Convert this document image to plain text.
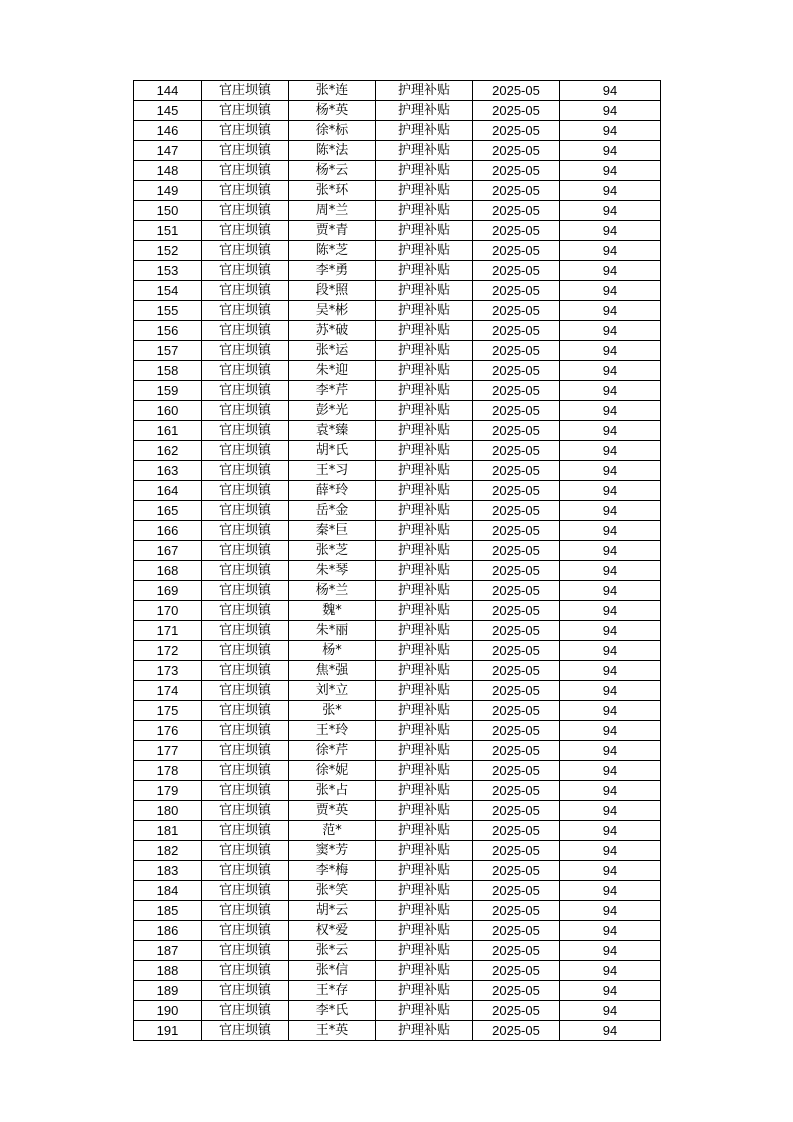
144	官庄坝镇	张*连	护理补贴	2025-05	94
145	官庄坝镇	杨*英	护理补贴	2025-05	94
146	官庄坝镇	徐*标	护理补贴	2025-05	94
147	官庄坝镇	陈*法	护理补贴	2025-05	94
148	官庄坝镇	杨*云	护理补贴	2025-05	94
149	官庄坝镇	张*环	护理补贴	2025-05	94
150	官庄坝镇	周*兰	护理补贴	2025-05	94
151	官庄坝镇	贾*青	护理补贴	2025-05	94
152	官庄坝镇	陈*芝	护理补贴	2025-05	94
153	官庄坝镇	李*勇	护理补贴	2025-05	94
154	官庄坝镇	段*照	护理补贴	2025-05	94
155	官庄坝镇	吴*彬	护理补贴	2025-05	94
156	官庄坝镇	苏*破	护理补贴	2025-05	94
157	官庄坝镇	张*运	护理补贴	2025-05	94
158	官庄坝镇	朱*迎	护理补贴	2025-05	94
159	官庄坝镇	李*芹	护理补贴	2025-05	94
160	官庄坝镇	彭*光	护理补贴	2025-05	94
161	官庄坝镇	袁*臻	护理补贴	2025-05	94
162	官庄坝镇	胡*氏	护理补贴	2025-05	94
163	官庄坝镇	王*习	护理补贴	2025-05	94
164	官庄坝镇	薛*玲	护理补贴	2025-05	94
165	官庄坝镇	岳*金	护理补贴	2025-05	94
166	官庄坝镇	秦*巨	护理补贴	2025-05	94
167	官庄坝镇	张*芝	护理补贴	2025-05	94
168	官庄坝镇	朱*琴	护理补贴	2025-05	94
169	官庄坝镇	杨*兰	护理补贴	2025-05	94
170	官庄坝镇	魏*	护理补贴	2025-05	94
171	官庄坝镇	朱*丽	护理补贴	2025-05	94
172	官庄坝镇	杨*	护理补贴	2025-05	94
173	官庄坝镇	焦*强	护理补贴	2025-05	94
174	官庄坝镇	刘*立	护理补贴	2025-05	94
175	官庄坝镇	张*	护理补贴	2025-05	94
176	官庄坝镇	王*玲	护理补贴	2025-05	94
177	官庄坝镇	徐*芹	护理补贴	2025-05	94
178	官庄坝镇	徐*妮	护理补贴	2025-05	94
179	官庄坝镇	张*占	护理补贴	2025-05	94
180	官庄坝镇	贾*英	护理补贴	2025-05	94
181	官庄坝镇	范*	护理补贴	2025-05	94
182	官庄坝镇	窦*芳	护理补贴	2025-05	94
183	官庄坝镇	李*梅	护理补贴	2025-05	94
184	官庄坝镇	张*笑	护理补贴	2025-05	94
185	官庄坝镇	胡*云	护理补贴	2025-05	94
186	官庄坝镇	权*爱	护理补贴	2025-05	94
187	官庄坝镇	张*云	护理补贴	2025-05	94
188	官庄坝镇	张*信	护理补贴	2025-05	94
189	官庄坝镇	王*存	护理补贴	2025-05	94
190	官庄坝镇	李*氏	护理补贴	2025-05	94
191	官庄坝镇	王*英	护理补贴	2025-05	94
